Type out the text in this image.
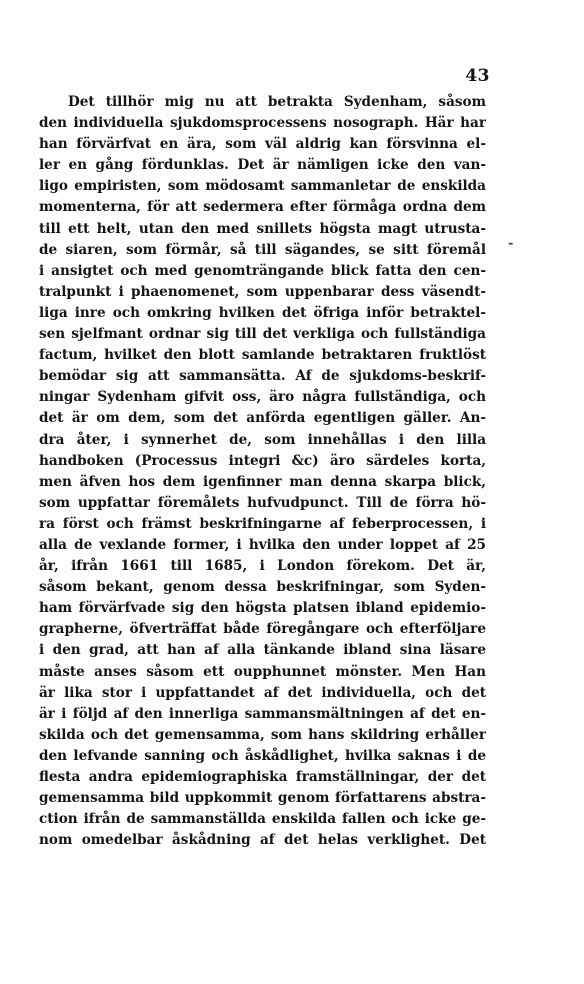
43
-
Det tillhör mig nu att betrakta Sydenham, såsom
den individuella sjukdomsprocessens nosograph. Här har
han förvärfvat en ära, som väl aldrig kan försvinna el-
ler en gång fördunklas. Det är nämligen icke den van-
ligo empiristen, som mödosamt sammanletar de enskilda
momenterna, för att sedermera efter förmåga ordna dem
till ett helt, utan den med snillets högsta magt utrusta-
de siaren, som förmår, så till sägandes, se sitt föremål
i ansigtet och med genomträngande blick fatta den cen-
tralpunkt i phaenomenet, som uppenbarar dess väsendt-
liga inre och omkring hvilken det öfriga inför betraktel-
sen sjelfmant ordnar sig till det verkliga och fullständiga
factum, hvilket den blott samlande betraktaren fruktlöst
bemödar sig att sammansätta. Af de sjukdoms-beskrif-
ningar Sydenham gifvit oss, äro några fullständiga, och
det är om dem, som det anförda egentligen gäller. An-
dra åter, i synnerhet de, som innehållas i den lilla
handboken (Processus integri &c) äro särdeles korta,
men äfven hos dem igenfinner man denna skarpa blick,
som uppfattar föremålets hufvudpunct. Till de förra hö-
ra först och främst beskrifningarne af feberprocessen, i
alla de vexlande former, i hvilka den under loppet af 25
år, ifrån 1661 till 1685, i London förekom. Det är,
såsom bekant, genom dessa beskrifningar, som Syden-
ham förvärfvade sig den högsta platsen ibland epidemio-
grapherne, öfverträffat både föregångare och efterföljare
i den grad, att han af alla tänkande ibland sina läsare
måste anses såsom ett oupphunnet mönster. Men Han
är lika stor i uppfattandet af det individuella, och det
är i följd af den innerliga sammansmältningen af det en-
skilda och det gemensamma, som hans skildring erhåller
den lefvande sanning och åskådlighet, hvilka saknas i de
flesta andra epidemiographiska framställningar, der det
gemensamma bild uppkommit genom författarens abstra-
ction ifrån de sammanställda enskilda fallen och icke ge-
nom omedelbar åskådning af det helas verklighet. Det
